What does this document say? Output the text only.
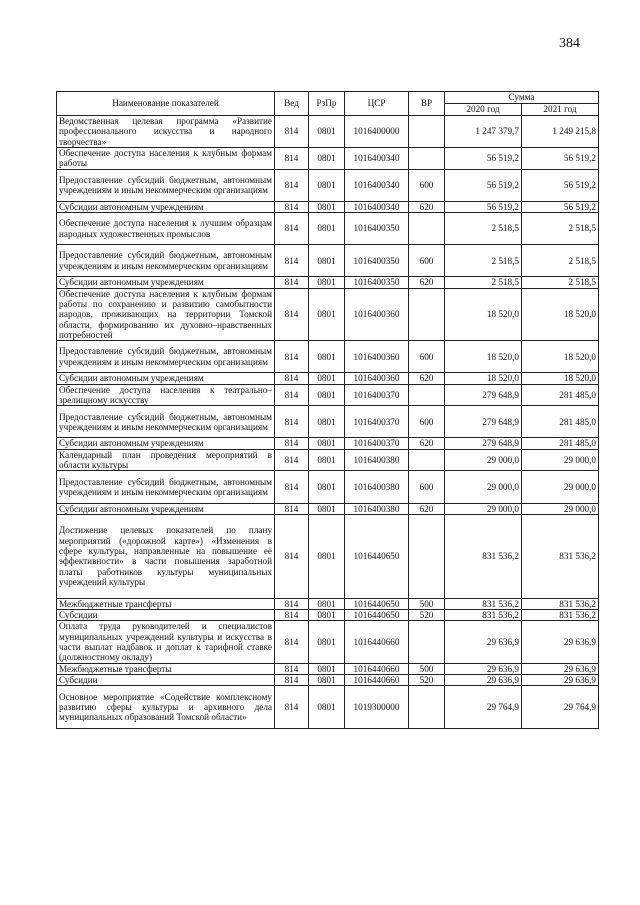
384
Наименование показателей	Вед	РзПр	ЦСР	ВР	Сумма	
					2020 год	2021 год
Ведомственная целевая программа «Развитие профессионального искусства и народного творчества»	814	0801	1016400000		1 247 379,7	1 249 215,8
Обеспечение доступа населения к клубным формам работы	814	0801	1016400340		56 519,2	56 519,2
Предоставление субсидий бюджетным, автономным учреждениям и иным некоммерческим организациям	814	0801	1016400340	600	56 519,2	56 519,2
Субсидии автономным учреждениям	814	0801	1016400340	620	56 519,2	56 519,2
Обеспечение доступа населения к лучшим образцам народных художественных промыслов	814	0801	1016400350		2 518,5	2 518,5
Предоставление субсидий бюджетным, автономным учреждениям и иным некоммерческим организациям	814	0801	1016400350	600	2 518,5	2 518,5
Субсидии автономным учреждениям	814	0801	1016400350	620	2 518,5	2 518,5
Обеспечение доступа населения к клубным формам работы по сохранению и развитию самобытности народов, проживающих на территории Томской области, формированию их духовно–нравственных потребностей	814	0801	1016400360		18 520,0	18 520,0
Предоставление субсидий бюджетным, автономным учреждениям и иным некоммерческим организациям	814	0801	1016400360	600	18 520,0	18 520,0
Субсидии автономным учреждениям	814	0801	1016400360	620	18 520,0	18 520,0
Обеспечение доступа населения к театрально–зрелищному искусству	814	0801	1016400370		279 648,9	281 485,0
Предоставление субсидий бюджетным, автономным учреждениям и иным некоммерческим организациям	814	0801	1016400370	600	279 648,9	281 485,0
Субсидии автономным учреждениям	814	0801	1016400370	620	279 648,9	281 485,0
Календарный план проведения мероприятий в области культуры	814	0801	1016400380		29 000,0	29 000,0
Предоставление субсидий бюджетным, автономным учреждениям и иным некоммерческим организациям	814	0801	1016400380	600	29 000,0	29 000,0
Субсидии автономным учреждениям	814	0801	1016400380	620	29 000,0	29 000,0
Достижение целевых показателей по плану мероприятий («дорожной карте») «Изменения в сфере культуры, направленные на повышение её эффективности» в части повышения заработной платы работников культуры муниципальных учреждений культуры	814	0801	1016440650		831 536,2	831 536,2
Межбюджетные трансферты	814	0801	1016440650	500	831 536,2	831 536,2
Субсидии	814	0801	1016440650	520	831 536,2	831 536,2
Оплата труда руководителей и специалистов муниципальных учреждений культуры и искусства в части выплат надбавок и доплат к тарифной ставке (должностному окладу)	814	0801	1016440660		29 636,9	29 636,9
Межбюджетные трансферты	814	0801	1016440660	500	29 636,9	29 636,9
Субсидии	814	0801	1016440660	520	29 636,9	29 636,9
Основное мероприятие «Содействие комплексному развитию сферы культуры и архивного дела муниципальных образований Томской области»	814	0801	1019300000		29 764,9	29 764,9
